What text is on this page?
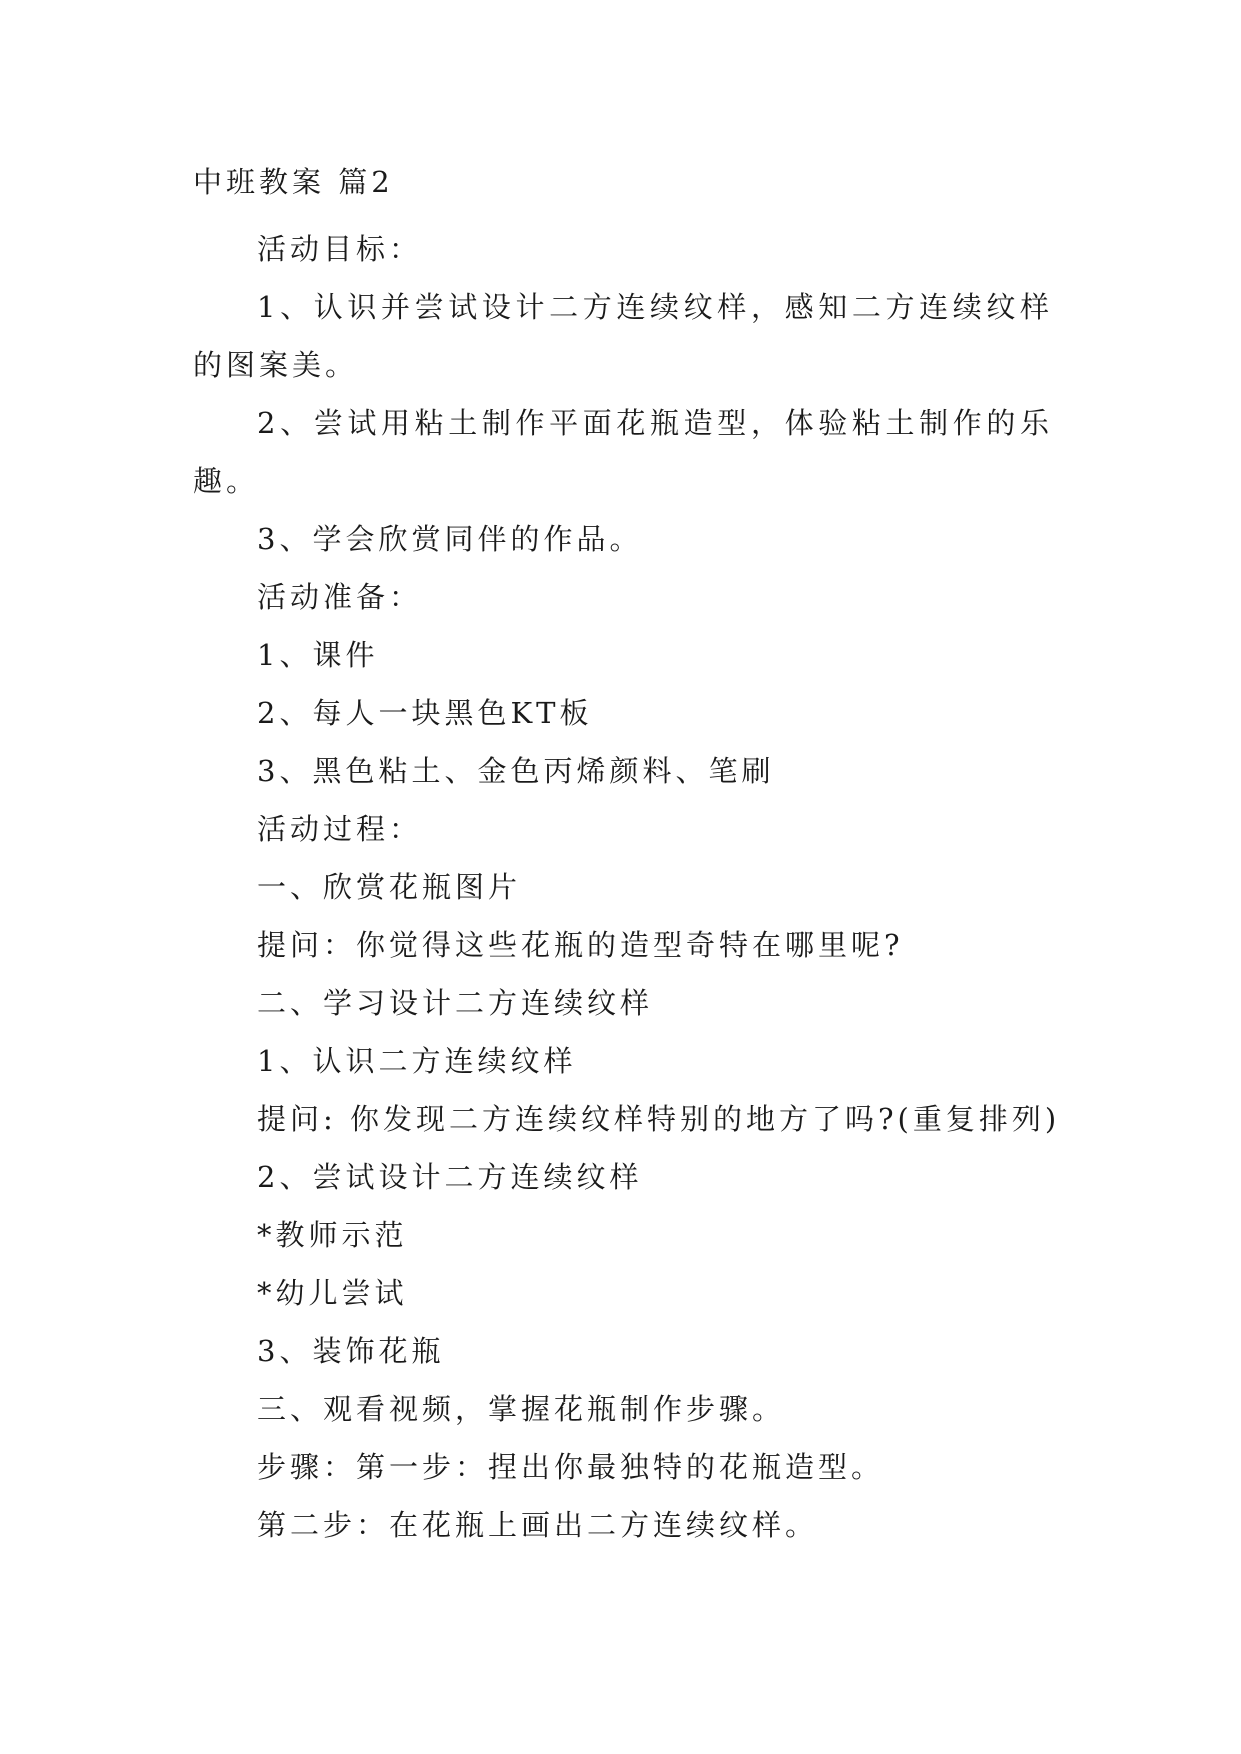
中班教案 篇2

活动目标：

1、认识并尝试设计二方连续纹样，感知二方连续纹样的图案美。

2、尝试用粘土制作平面花瓶造型，体验粘土制作的乐趣。

3、学会欣赏同伴的作品。

活动准备：

1、课件

2、每人一块黑色KT板

3、黑色粘土、金色丙烯颜料、笔刷

活动过程：

一、欣赏花瓶图片

提问：你觉得这些花瓶的造型奇特在哪里呢?

二、学习设计二方连续纹样

1、认识二方连续纹样

提问: 你发现二方连续纹样特别的地方了吗?(重复排列)

2、尝试设计二方连续纹样

*教师示范

*幼儿尝试

3、装饰花瓶

三、观看视频，掌握花瓶制作步骤。

步骤：第一步：捏出你最独特的花瓶造型。

第二步：在花瓶上画出二方连续纹样。
